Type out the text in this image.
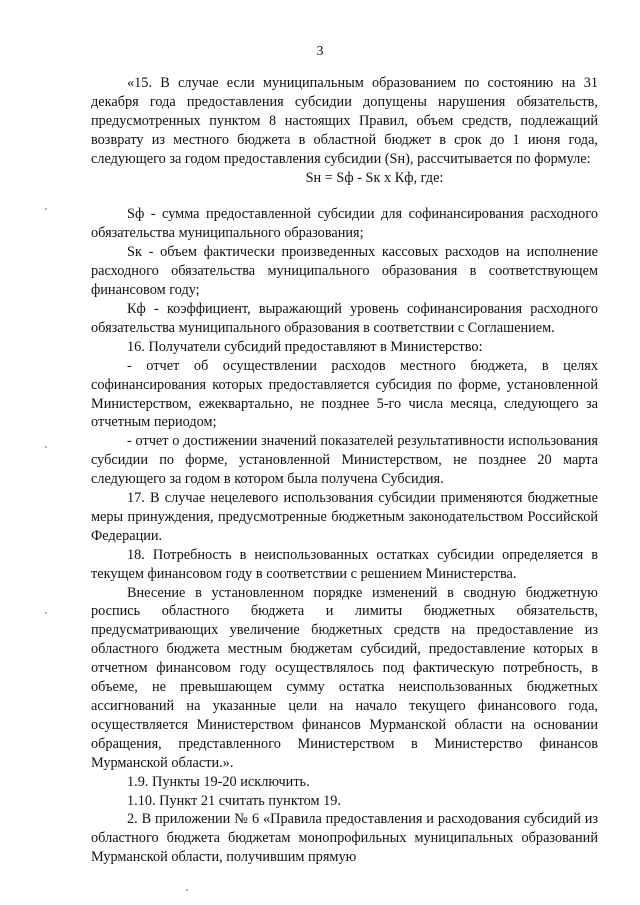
3

«15. В случае если муниципальным образованием по состоянию на 31 декабря года предоставления субсидии допущены нарушения обязательств, предусмотренных пунктом 8 настоящих Правил, объем средств, подлежащий возврату из местного бюджета в областной бюджет в срок до 1 июня года, следующего за годом предоставления субсидии (Sн), рассчитывается по формуле:

Sн = Sф - Sк x Кф, где:

Sф - сумма предоставленной субсидии для софинансирования расходного обязательства муниципального образования;

Sк - объем фактически произведенных кассовых расходов на исполнение расходного обязательства муниципального образования в соответствующем финансовом году;

Кф - коэффициент, выражающий уровень софинансирования расходного обязательства муниципального образования в соответствии с Соглашением.

16. Получатели субсидий предоставляют в Министерство:

- отчет об осуществлении расходов местного бюджета, в целях софинансирования которых предоставляется субсидия по форме, установленной Министерством, ежеквартально, не позднее 5-го числа месяца, следующего за отчетным периодом;

- отчет о достижении значений показателей результативности использования субсидии по форме, установленной Министерством, не позднее 20 марта следующего за годом в котором была получена Субсидия.

17. В случае нецелевого использования субсидии применяются бюджетные меры принуждения, предусмотренные бюджетным законодательством Российской Федерации.

18. Потребность в неиспользованных остатках субсидии определяется в текущем финансовом году в соответствии с решением Министерства.

Внесение в установленном порядке изменений в сводную бюджетную роспись областного бюджета и лимиты бюджетных обязательств, предусматривающих увеличение бюджетных средств на предоставление из областного бюджета местным бюджетам субсидий, предоставление которых в отчетном финансовом году осуществлялось под фактическую потребность, в объеме, не превышающем сумму остатка неиспользованных бюджетных ассигнований на указанные цели на начало текущего финансового года, осуществляется Министерством финансов Мурманской области на основании обращения, представленного Министерством в Министерство финансов Мурманской области.».

1.9. Пункты 19-20 исключить.

1.10. Пункт 21 считать пунктом 19.

2. В приложении № 6 «Правила предоставления и расходования субсидий из областного бюджета бюджетам монопрофильных муниципальных образований Мурманской области, получившим прямую
